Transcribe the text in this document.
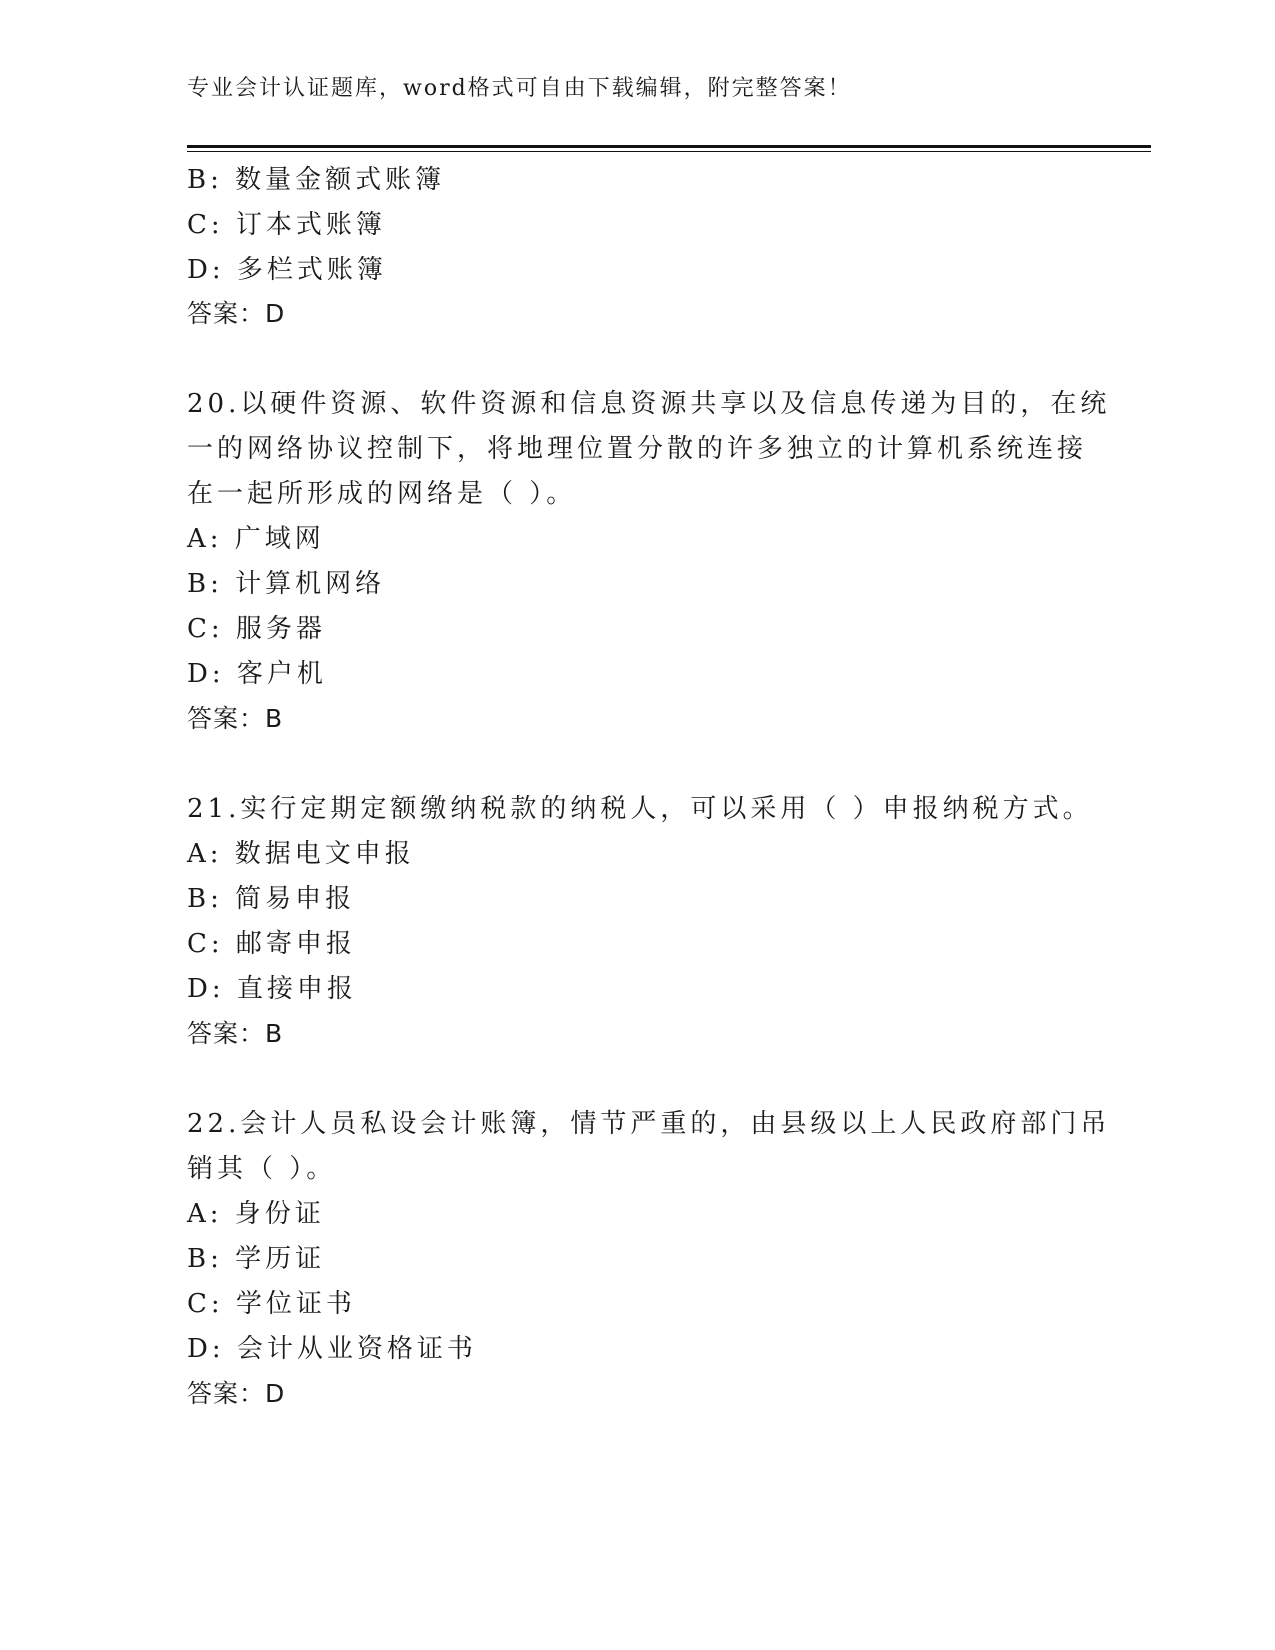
专业会计认证题库，word格式可自由下载编辑，附完整答案！
B: 数量金额式账簿
C: 订本式账簿
D: 多栏式账簿
答案：D
20.以硬件资源、软件资源和信息资源共享以及信息传递为目的，在统
一的网络协议控制下，将地理位置分散的许多独立的计算机系统连接
在一起所形成的网络是（ ）。
A: 广域网
B: 计算机网络
C: 服务器
D: 客户机
答案：B
21.实行定期定额缴纳税款的纳税人，可以采用（ ）申报纳税方式。
A: 数据电文申报
B: 简易申报
C: 邮寄申报
D: 直接申报
答案：B
22.会计人员私设会计账簿，情节严重的，由县级以上人民政府部门吊
销其（ ）。
A: 身份证
B: 学历证
C: 学位证书
D: 会计从业资格证书
答案：D
